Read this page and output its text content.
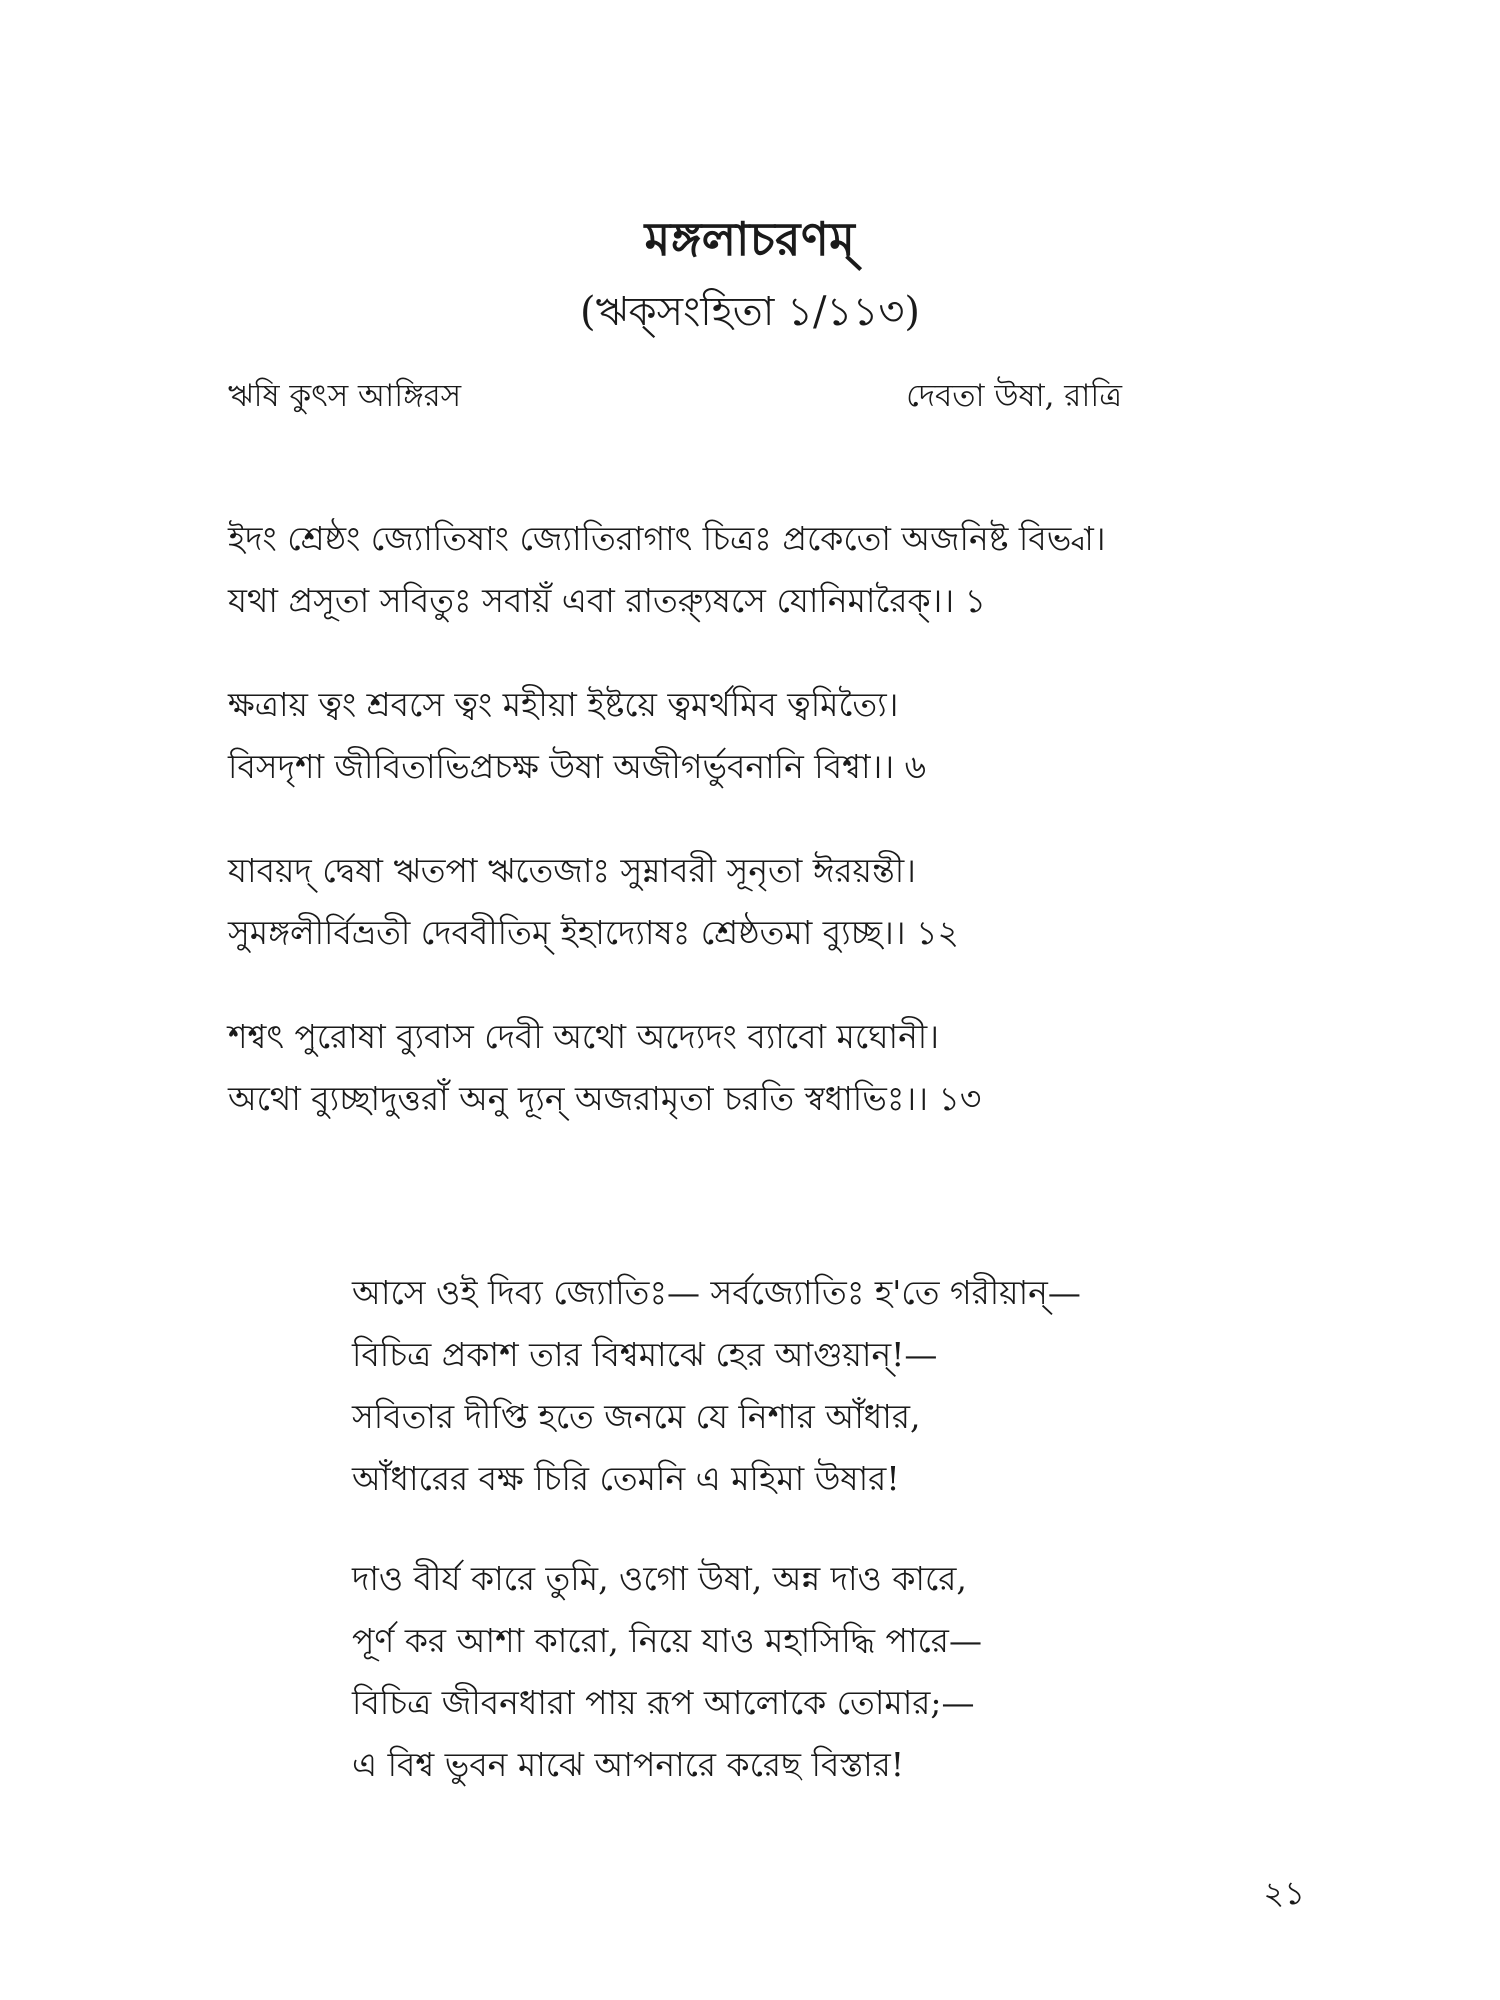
মঙ্গলাচরণম্
(ঋক্‌সংহিতা ১/১১৩)
ঋষি কুৎস আঙ্গিরস	দেবতা উষা, রাত্রি
ইদং শ্রেষ্ঠং জ্যোতিষাং জ্যোতিরাগাৎ চিত্রঃ প্রকেতো অজনিষ্ট বিভ্বা।
যথা প্রসূতা সবিতুঃ সবায়ঁ এবা রাত্র্যুষসে যোনিমারৈক্।। ১
ক্ষত্রায় ত্বং শ্রবসে ত্বং মহীয়া ইষ্টয়ে ত্বমর্থমিব ত্বমিত্যৈ।
বিসদৃশা জীবিতাভিপ্রচক্ষ উষা অজীগর্ভুবনানি বিশ্বা।। ৬
যাবয়দ্ দ্বেষা ঋতপা ঋতেজাঃ সুম্নাবরী সূনৃতা ঈরয়ন্তী।
সুমঙ্গলীর্বিভ্রতী দেববীতিম্ ইহাদ্যোষঃ শ্রেষ্ঠতমা ব্যুচ্ছ।। ১২
শশ্বৎ পুরোষা ব্যুবাস দেবী অথো অদ্যেদং ব্যাবো মঘোনী।
অথো ব্যুচ্ছাদুত্তরাঁ অনু দ্যূন্ অজরামৃতা চরতি স্বধাভিঃ।। ১৩
আসে ওই দিব্য জ্যোতিঃ— সর্বজ্যোতিঃ হ'তে গরীয়ান্—
বিচিত্র প্রকাশ তার বিশ্বমাঝে হের আগুয়ান্!—
সবিতার দীপ্তি হতে জনমে যে নিশার আঁধার,
আঁধারের বক্ষ চিরি তেমনি এ মহিমা উষার!
দাও বীর্য কারে তুমি, ওগো উষা, অন্ন দাও কারে,
পূর্ণ কর আশা কারো, নিয়ে যাও মহাসিদ্ধি পারে—
বিচিত্র জীবনধারা পায় রূপ আলোকে তোমার;—
এ বিশ্ব ভুবন মাঝে আপনারে করেছ বিস্তার!
২১
